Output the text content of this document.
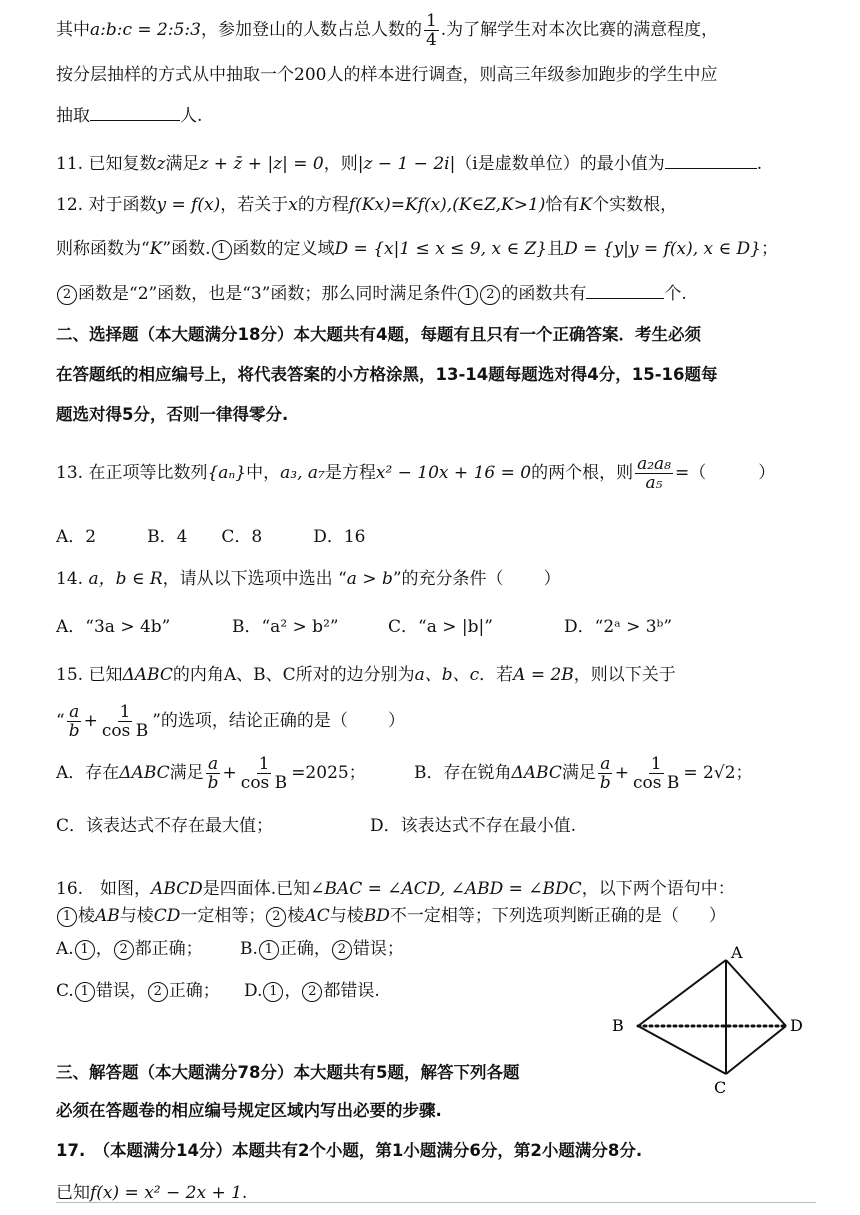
其中a:b:c = 2:5:3，参加登山的人数占总人数的 $\frac{1}{4}$ .为了解学生对本次比赛的满意程度，
按分层抽样的方式从中抽取一个200人的样本进行调查，则高三年级参加跑步的学生中应
抽取	人.
11. 已知复数z满足z + z̄ + |z| = 0，则|z − 1 − 2i|（i是虚数单位）的最小值为	.
12. 对于函数y = f(x)，若关于x的方程f(Kx)=Kf(x),(K∈Z,K>1)恰有K个实数根，
则称函数为“K”函数. 1 函数的定义域D = {x|1 ≤ x ≤ 9, x ∈ Z}且D = {y|y = f(x), x ∈ D}；
2 函数是“2”函数，也是“3”函数；那么同时满足条件 1 2 的函数共有	个.
二、选择题（本大题满分18分）本大题共有4题，每题有且只有一个正确答案．考生必须
在答题纸的相应编号上，将代表答案的小方格涂黑，13-14题每题选对得4分，15-16题每
题选对得5分，否则一律得零分.
13. 在正项等比数列{aₙ}中，a₃, a₇是方程x² − 10x + 16 = 0的两个根，则 $\frac{\text{a₂a₈}}{\text{a₅}}$ =（	）
A．2　　　B．4　　C．8　　　D．16
14. a，b ∈ R，请从以下选项中选出 “a > b”的充分条件（ ）
A．“3a > 4b”	B．“a² > b²”	C．“a > |b|”	D．“2ᵃ > 3ᵇ”
15. 已知ΔABC的内角A、B、C所对的边分别为a、b、c．若A = 2B，则以下关于
“ $\frac{a}{b} + \frac{1}{\text{cos B}}$ ”的选项，结论正确的是（ ）
A．存在ΔABC满足 $\frac{a}{b} + \frac{1}{\text{cos B}} =2025$；	B．存在锐角ΔABC满足 $\frac{a}{b} + \frac{1}{\text{cos B}} = 2√2$；
C．该表达式不存在最大值；	D．该表达式不存在最小值.
16.　如图，ABCD是四面体.已知∠BAC = ∠ACD, ∠ABD = ∠BDC，以下两个语句中：
1 棱AB与棱CD一定相等； 2 棱AC与棱BD不一定相等；下列选项判断正确的是（ ）
A. 1 ， 2 都正确； B. 1 正确， 2 错误；
C. 1 错误， 2 正确； D. 1 ， 2 都错误.
A
B
C
D
三、解答题（本大题满分78分）本大题共有5题，解答下列各题
必须在答题卷的相应编号规定区域内写出必要的步骤.
17.　（本题满分14分）本题共有2个小题，第1小题满分6分，第2小题满分8分.
已知f(x) = x² − 2x + 1.
